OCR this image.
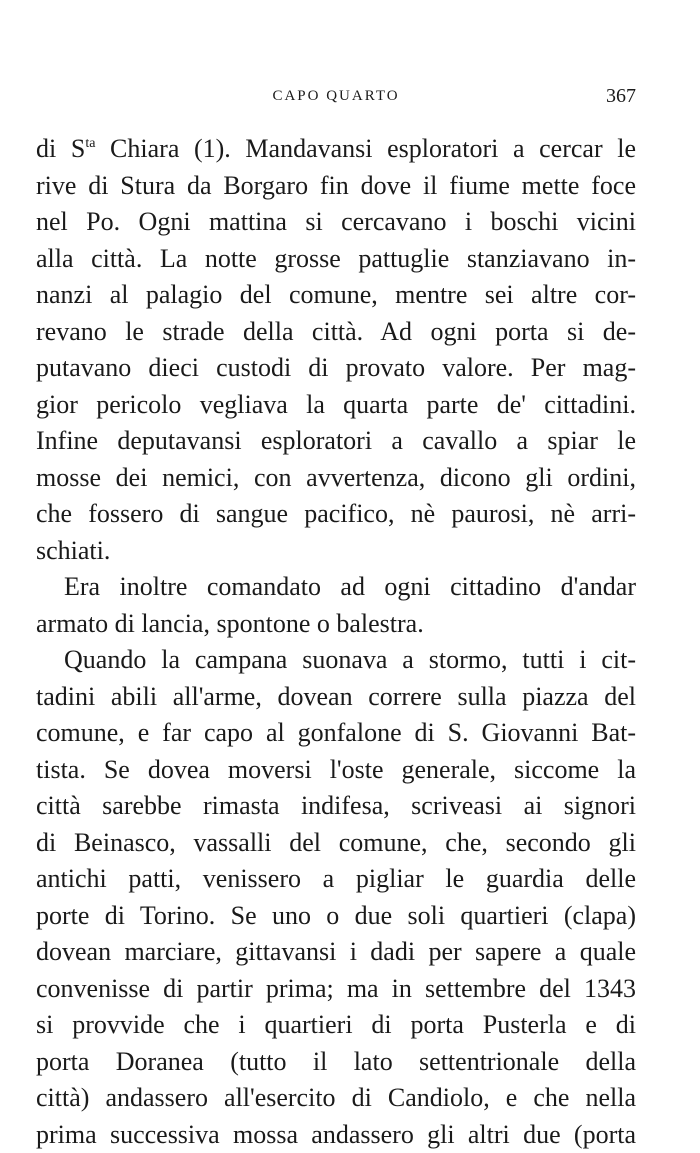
CAPO QUARTO	367
di $S^{ta}$ Chiara (1). Mandavansi esploratori a cercar le
rive di Stura da Borgaro fin dove il fiume mette foce
nel Po. Ogni mattina si cercavano i boschi vicini
alla città. La notte grosse pattuglie stanziavano in-
nanzi al palagio del comune, mentre sei altre cor-
revano le strade della città. Ad ogni porta si de-
putavano dieci custodi di provato valore. Per mag-
gior pericolo vegliava la quarta parte de' cittadini.
Infine deputavansi esploratori a cavallo a spiar le
mosse dei nemici, con avvertenza, dicono gli ordini,
che fossero di sangue pacifico, nè paurosi, nè arri-
schiati.
Era inoltre comandato ad ogni cittadino d'andar
armato di lancia, spontone o balestra.
Quando la campana suonava a stormo, tutti i cit-
tadini abili all'arme, dovean correre sulla piazza del
comune, e far capo al gonfalone di S. Giovanni Bat-
tista. Se dovea moversi l'oste generale, siccome la
città sarebbe rimasta indifesa, scriveasi ai signori
di Beinasco, vassalli del comune, che, secondo gli
antichi patti, venissero a pigliar le guardia delle
porte di Torino. Se uno o due soli quartieri (clapa)
dovean marciare, gittavansi i dadi per sapere a quale
convenisse di partir prima; ma in settembre del 1343
si provvide che i quartieri di porta Pusterla e di
porta Doranea (tutto il lato settentrionale della
città) andassero all'esercito di Candiolo, e che nella
prima successiva mossa andassero gli altri due (porta
